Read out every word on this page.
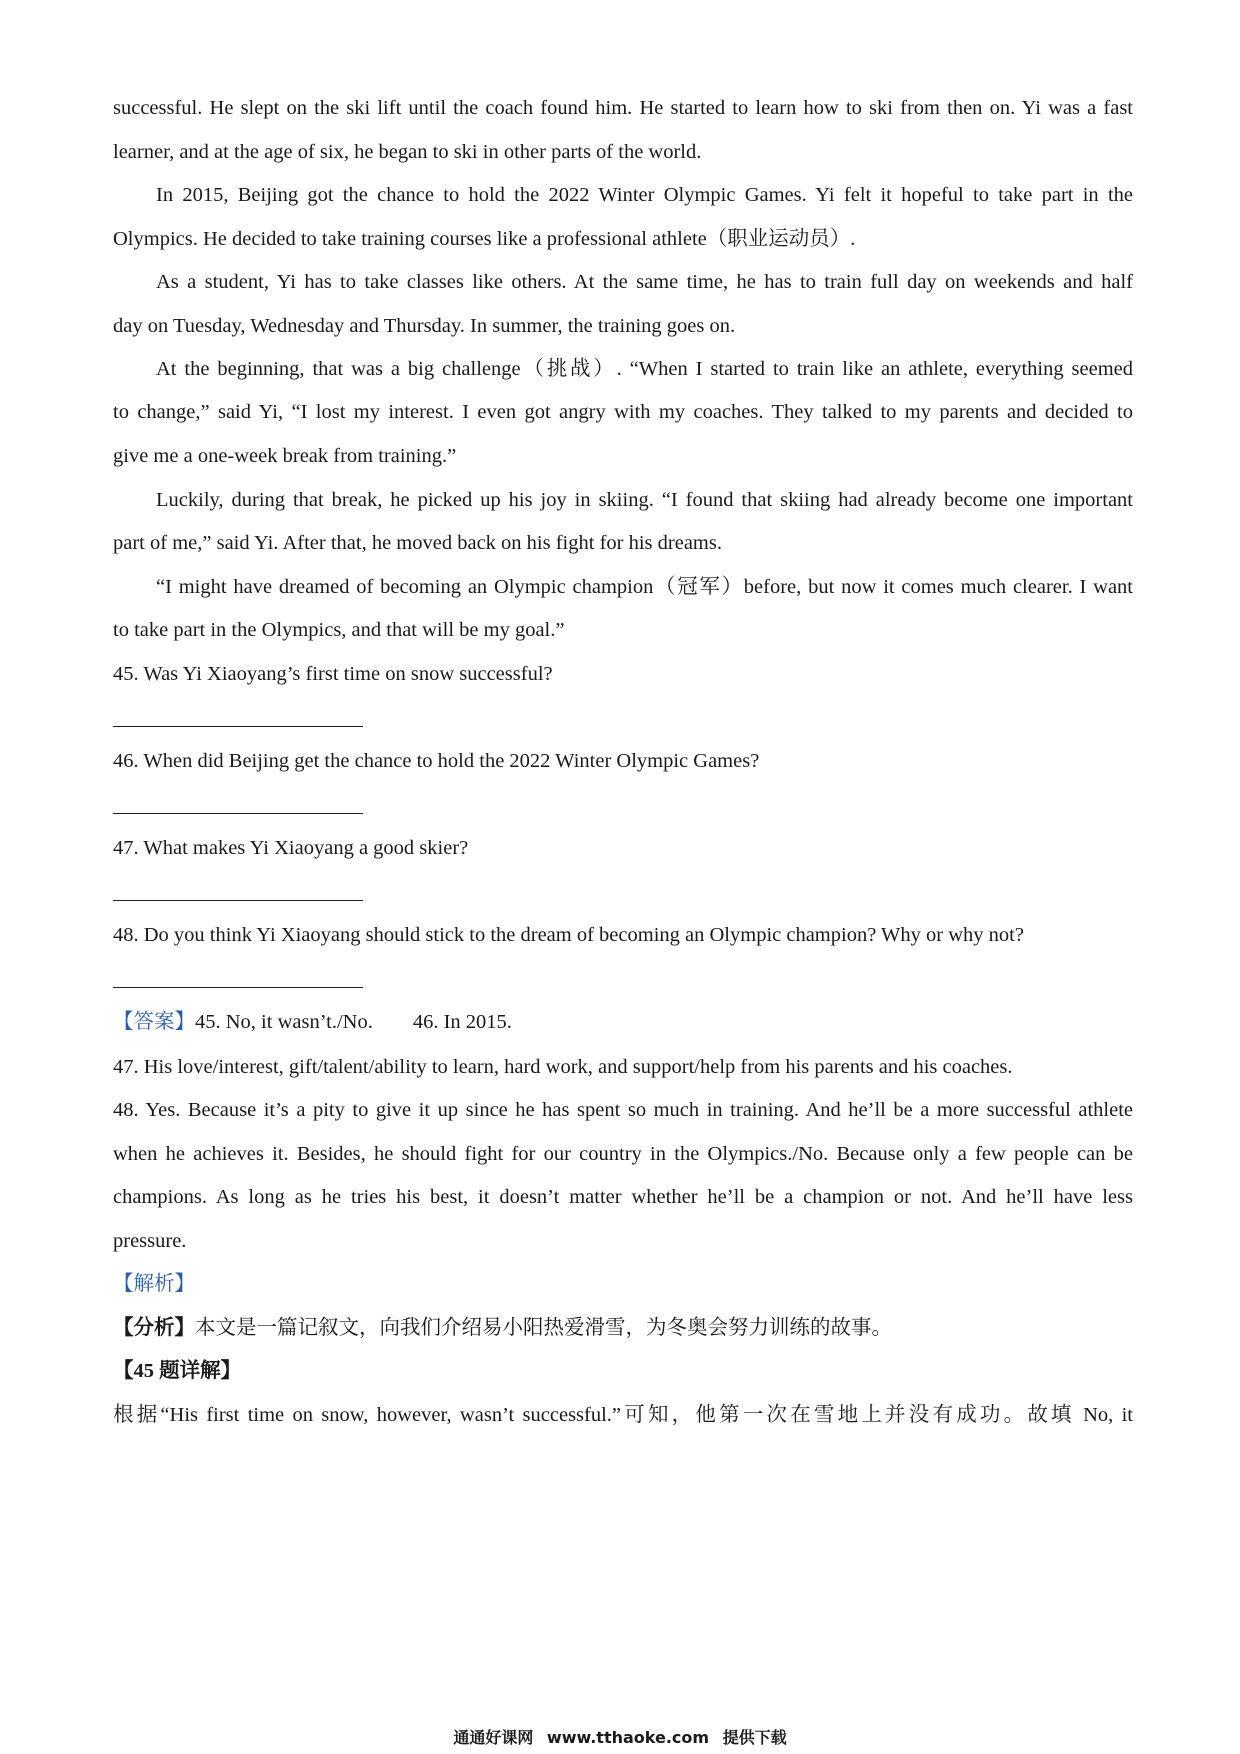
successful. He slept on the ski lift until the coach found him. He started to learn how to ski from then on. Yi was a fast
learner, and at the age of six, he began to ski in other parts of the world.
In 2015, Beijing got the chance to hold the 2022 Winter Olympic Games. Yi felt it hopeful to take part in the
Olympics. He decided to take training courses like a professional athlete（职业运动员）.
As a student, Yi has to take classes like others. At the same time, he has to train full day on weekends and half
day on Tuesday, Wednesday and Thursday. In summer, the training goes on.
At the beginning, that was a big challenge（挑战）. “When I started to train like an athlete, everything seemed
to change,” said Yi, “I lost my interest. I even got angry with my coaches. They talked to my parents and decided to
give me a one-week break from training.”
Luckily, during that break, he picked up his joy in skiing. “I found that skiing had already become one important
part of me,” said Yi. After that, he moved back on his fight for his dreams.
“I might have dreamed of becoming an Olympic champion（冠军）before, but now it comes much clearer. I want
to take part in the Olympics, and that will be my goal.”
45. Was Yi Xiaoyang’s first time on snow successful?
46. When did Beijing get the chance to hold the 2022 Winter Olympic Games?
47. What makes Yi Xiaoyang a good skier?
48. Do you think Yi Xiaoyang should stick to the dream of becoming an Olympic champion? Why or why not?
【答案】45. No, it wasn’t./No. 46. In 2015.
47. His love/interest, gift/talent/ability to learn, hard work, and support/help from his parents and his coaches.
48. Yes. Because it’s a pity to give it up since he has spent so much in training. And he’ll be a more successful athlete
when he achieves it. Besides, he should fight for our country in the Olympics./No. Because only a few people can be
champions. As long as he tries his best, it doesn’t matter whether he’ll be a champion or not. And he’ll have less
pressure.
【解析】
【分析】本文是一篇记叙文，向我们介绍易小阳热爱滑雪，为冬奥会努力训练的故事。
【45 题详解】
根据“His first time on snow, however, wasn’t successful.”可知，他第一次在雪地上并没有成功。故填 No, it
通通好课网 www.tthaoke.com 提供下载
